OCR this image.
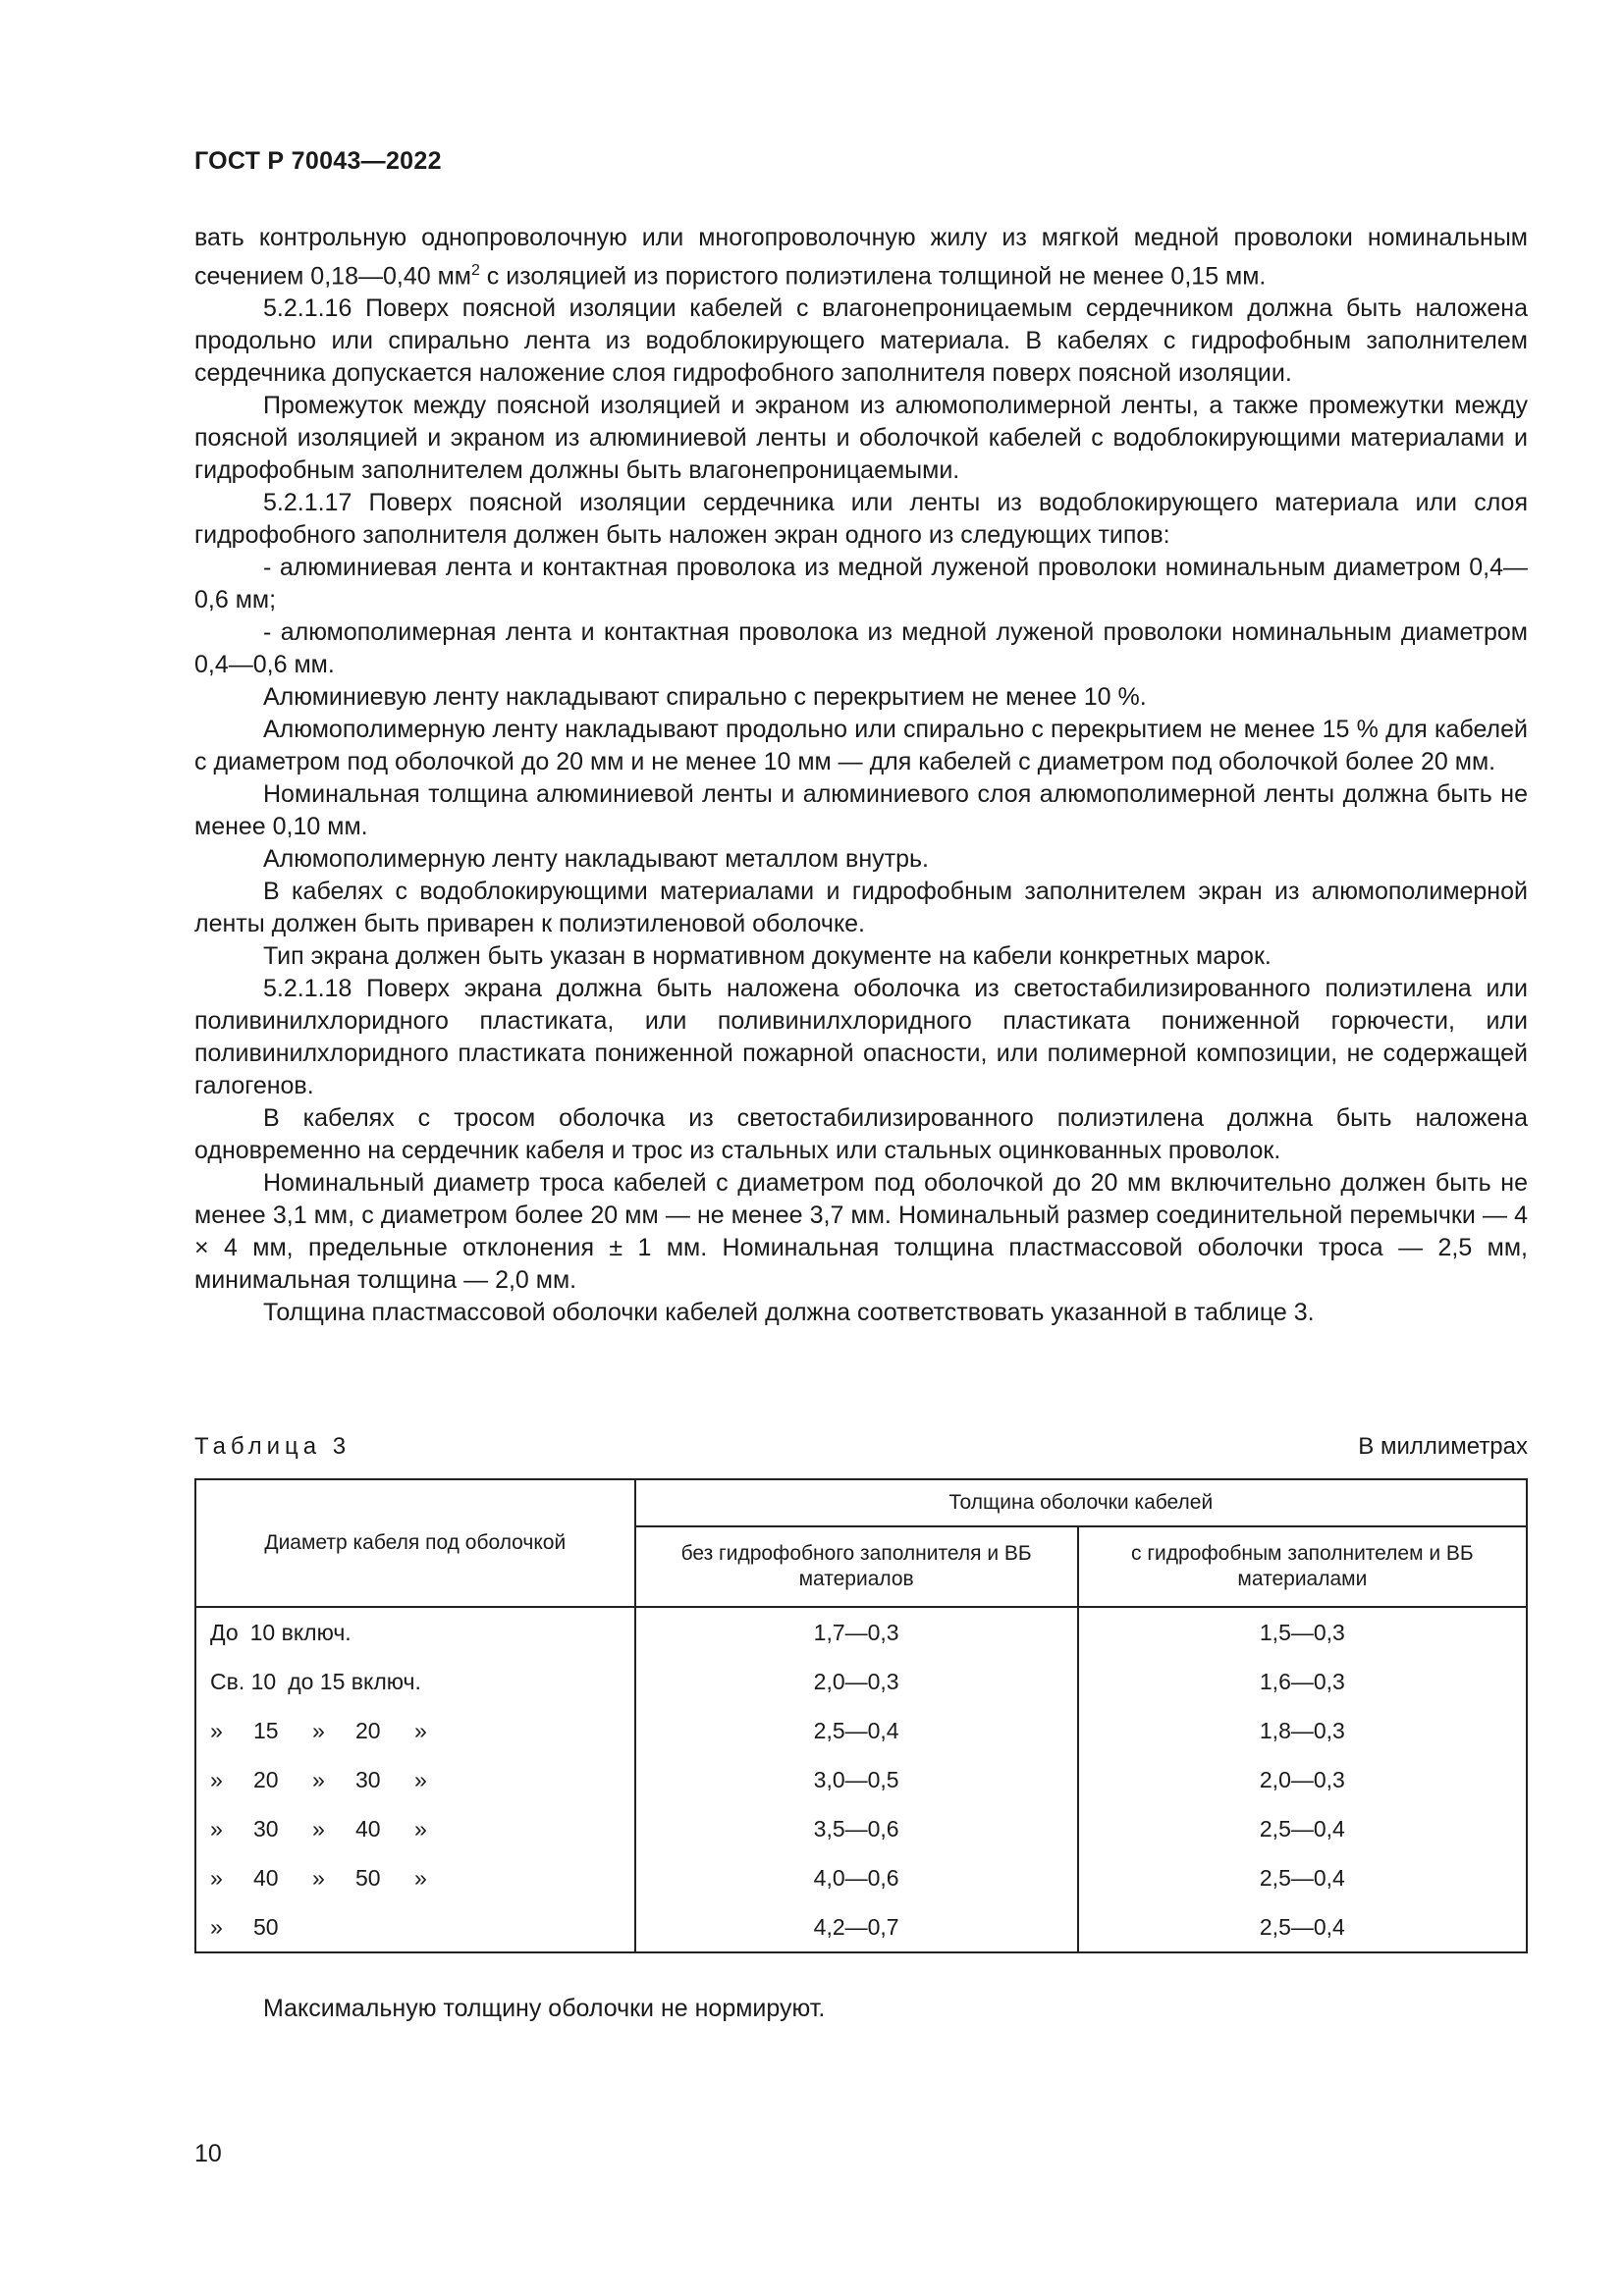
ГОСТ Р 70043—2022

вать контрольную однопроволочную или многопроволочную жилу из мягкой медной проволоки номинальным сечением 0,18—0,40 $мм^2$ с изоляцией из пористого полиэтилена толщиной не менее 0,15 мм.

5.2.1.16 Поверх поясной изоляции кабелей с влагонепроницаемым сердечником должна быть наложена продольно или спирально лента из водоблокирующего материала. В кабелях с гидрофобным заполнителем сердечника допускается наложение слоя гидрофобного заполнителя поверх поясной изоляции.

Промежуток между поясной изоляцией и экраном из алюмополимерной ленты, а также промежутки между поясной изоляцией и экраном из алюминиевой ленты и оболочкой кабелей с водоблокирующими материалами и гидрофобным заполнителем должны быть влагонепроницаемыми.

5.2.1.17 Поверх поясной изоляции сердечника или ленты из водоблокирующего материала или слоя гидрофобного заполнителя должен быть наложен экран одного из следующих типов:

- алюминиевая лента и контактная проволока из медной луженой проволоки номинальным диаметром 0,4—0,6 мм;

- алюмополимерная лента и контактная проволока из медной луженой проволоки номинальным диаметром 0,4—0,6 мм.

Алюминиевую ленту накладывают спирально с перекрытием не менее 10 %.

Алюмополимерную ленту накладывают продольно или спирально с перекрытием не менее 15 % для кабелей с диаметром под оболочкой до 20 мм и не менее 10 мм — для кабелей с диаметром под оболочкой более 20 мм.

Номинальная толщина алюминиевой ленты и алюминиевого слоя алюмополимерной ленты должна быть не менее 0,10 мм.

Алюмополимерную ленту накладывают металлом внутрь.

В кабелях с водоблокирующими материалами и гидрофобным заполнителем экран из алюмополимерной ленты должен быть приварен к полиэтиленовой оболочке.

Тип экрана должен быть указан в нормативном документе на кабели конкретных марок.

5.2.1.18 Поверх экрана должна быть наложена оболочка из светостабилизированного полиэтилена или поливинилхлоридного пластиката, или поливинилхлоридного пластиката пониженной горючести, или поливинилхлоридного пластиката пониженной пожарной опасности, или полимерной композиции, не содержащей галогенов.

В кабелях с тросом оболочка из светостабилизированного полиэтилена должна быть наложена одновременно на сердечник кабеля и трос из стальных или стальных оцинкованных проволок.

Номинальный диаметр троса кабелей с диаметром под оболочкой до 20 мм включительно должен быть не менее 3,1 мм, с диаметром более 20 мм — не менее 3,7 мм. Номинальный размер соединительной перемычки — 4 × 4 мм, предельные отклонения ± 1 мм. Номинальная толщина пластмассовой оболочки троса — 2,5 мм, минимальная толщина — 2,0 мм.

Толщина пластмассовой оболочки кабелей должна соответствовать указанной в таблице 3.

Таблица 3	В миллиметрах
Диаметр кабеля под оболочкой	Толщина оболочки кабелей	
	без гидрофобного заполнителя и ВБ материалов	с гидрофобным заполнителем и ВБ материалами
До 10 включ.	1,7—0,3	1,5—0,3
Св. 10 до 15 включ.	2,0—0,3	1,6—0,3
» 15 » 20 »	2,5—0,4	1,8—0,3
» 20 » 30 »	3,0—0,5	2,0—0,3
» 30 » 40 »	3,5—0,6	2,5—0,4
» 40 » 50 »	4,0—0,6	2,5—0,4
» 50	4,2—0,7	2,5—0,4
Максимальную толщину оболочки не нормируют.
10
